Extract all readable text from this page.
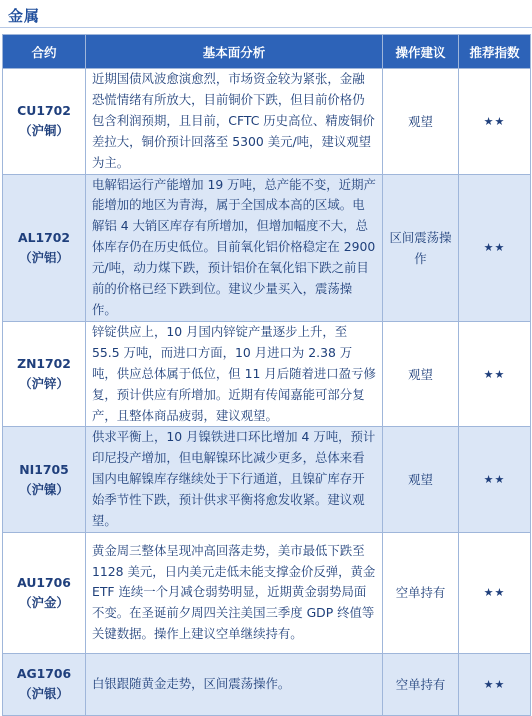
金属
合约	基本面分析	操作建议	推荐指数

CU1702
（沪铜）	近期国债风波愈演愈烈，市场资金较为紧张，金融恐慌情绪有所放大，目前铜价下跌，但目前价格仍包含利润预期，且目前，CFTC 历史高位、精废铜价差拉大，铜价预计回落至 5300 美元/吨，建议观望为主。	观望	★★

AL1702
（沪铝）	电解铝运行产能增加 19 万吨，总产能不变，近期产能增加的地区为青海，属于全国成本高的区域。电解铝 4 大销区库存有所增加，但增加幅度不大，总体库存仍在历史低位。目前氧化铝价格稳定在 2900 元/吨，动力煤下跌，预计铝价在氧化铝下跌之前目前的价格已经下跌到位。建议少量买入，震荡操作。	区间震荡操作	★★

ZN1702
（沪锌）	锌锭供应上，10 月国内锌锭产量逐步上升，至 55.5 万吨，而进口方面，10 月进口为 2.38 万吨，供应总体属于低位，但 11 月后随着进口盈亏修复，预计供应有所增加。近期有传闻嘉能可部分复产，且整体商品疲弱，建议观望。	观望	★★

NI1705
（沪镍）	供求平衡上，10 月镍铁进口环比增加 4 万吨，预计印尼投产增加，但电解镍环比减少更多，总体来看国内电解镍库存继续处于下行通道，且镍矿库存开始季节性下跌，预计供求平衡将愈发收紧。建议观望。	观望	★★

AU1706
（沪金）	黄金周三整体呈现冲高回落走势，美市最低下跌至 1128 美元，日内美元走低未能支撑金价反弹，黄金 ETF 连续一个月减仓弱势明显，近期黄金弱势局面不变。在圣诞前夕周四关注美国三季度 GDP 终值等关键数据。操作上建议空单继续持有。	空单持有	★★

AG1706
（沪银）	白银跟随黄金走势，区间震荡操作。	空单持有	★★
